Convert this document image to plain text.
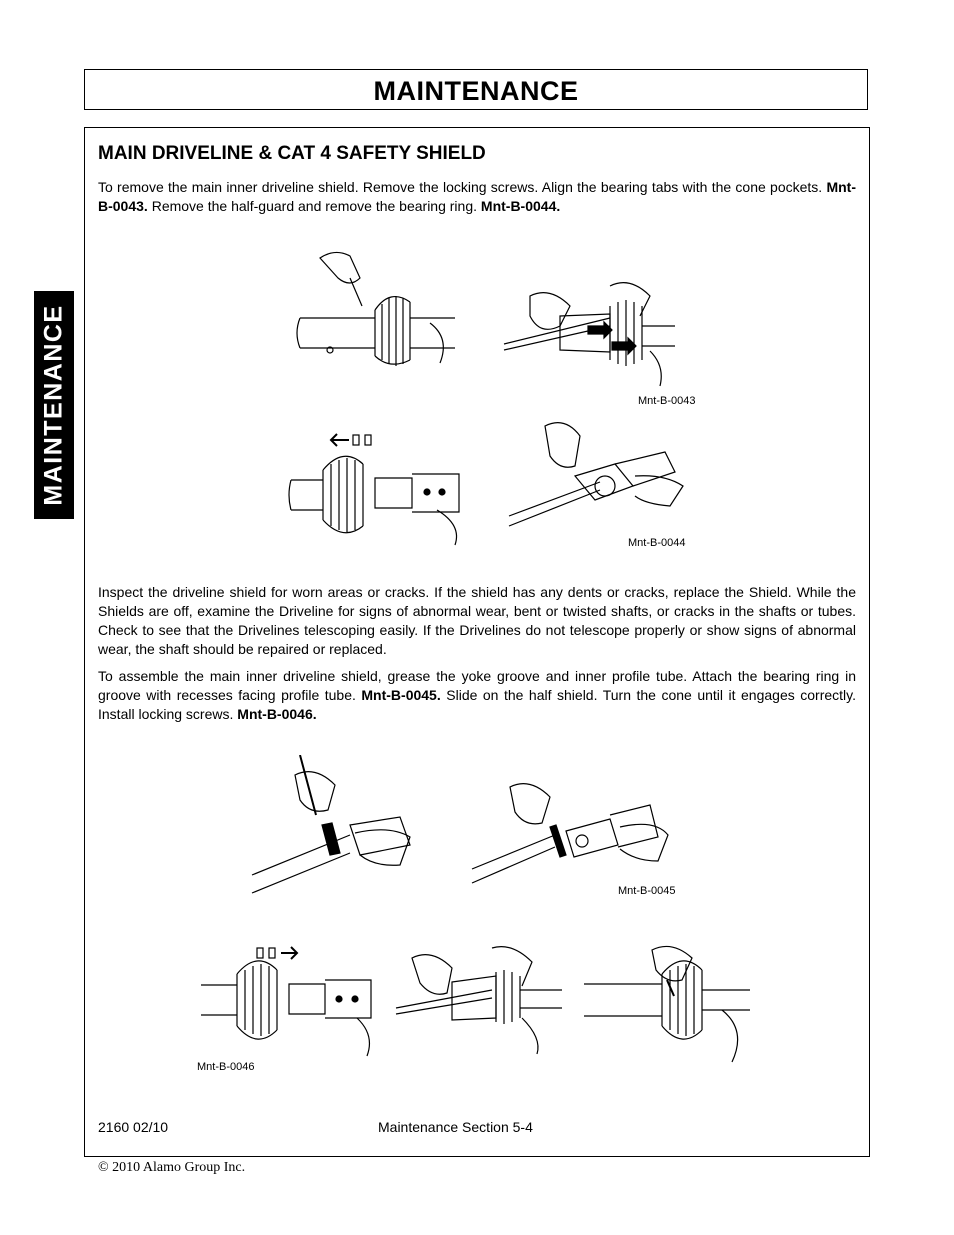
MAINTENANCE
MAINTENANCE
MAIN DRIVELINE & CAT 4 SAFETY SHIELD

To remove the main inner driveline shield. Remove the locking screws. Align the bearing tabs with the cone pockets. Mnt-B-0043. Remove the half-guard and remove the bearing ring. Mnt-B-0044.

Mnt-B-0043
Mnt-B-0044

Inspect the driveline shield for worn areas or cracks. If the shield has any dents or cracks, replace the Shield. While the Shields are off, examine the Driveline for signs of abnormal wear, bent or twisted shafts, or cracks in the shafts or tubes. Check to see that the Drivelines telescoping easily. If the Drivelines do not telescope properly or show signs of abnormal wear, the shaft should be repaired or replaced.

To assemble the main inner driveline shield, grease the yoke groove and inner profile tube. Attach the bearing ring in groove with recesses facing profile tube. Mnt-B-0045. Slide on the half shield. Turn the cone until it engages correctly. Install locking screws. Mnt-B-0046.

Mnt-B-0045
Mnt-B-0046
2160 02/10	Maintenance Section 5-4
© 2010 Alamo Group Inc.
